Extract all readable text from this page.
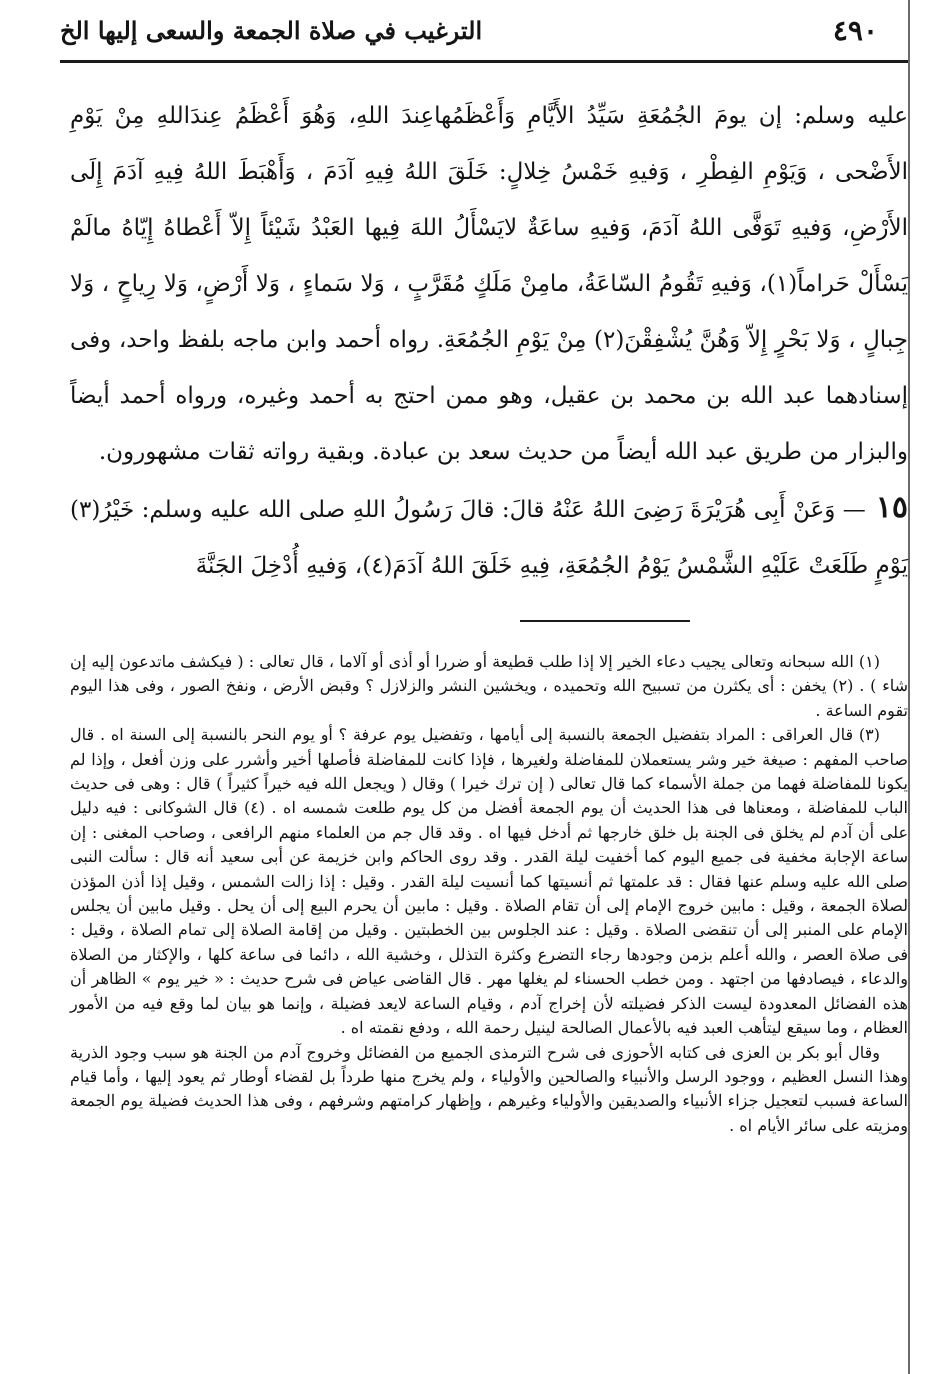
٤٩٠
الترغيب في صلاة الجمعة والسعى إليها الخ

عليه وسلم: إن يومَ الجُمُعَةِ سَيِّدُ الأَيَّامِ وَأَعْظَمُهاعِندَ اللهِ، وَهُوَ أَعْظَمُ عِندَاللهِ مِنْ يَوْمِ الأَضْحى ، وَيَوْمِ الفِطْرِ ، وَفيهِ خَمْسُ خِلالٍ: خَلَقَ اللهُ فِيهِ آدَمَ ، وَأَهْبَطَ اللهُ فِيهِ آدَمَ إِلَى الأَرْضِ، وَفيهِ تَوَفَّى اللهُ آدَمَ، وَفيهِ ساعَةٌ لايَسْأَلُ اللهَ فِيها العَبْدُ شَيْئاً إِلاّ أَعْطاهُ إِيّاهُ مالَمْ يَسْأَلْ حَراماً(١)، وَفيهِ تَقُومُ السّاعَةُ، مامِنْ مَلَكٍ مُقَرَّبٍ ، وَلا سَماءٍ ، وَلا أَرْضٍ، وَلا رِياحٍ ، وَلا جِبالٍ ، وَلا بَحْرٍ إِلاّ وَهُنَّ يُشْفِقْنَ(٢) مِنْ يَوْمِ الجُمُعَةِ. رواه أحمد وابن ماجه بلفظ واحد، وفى إسنادهما عبد الله بن محمد بن عقيل، وهو ممن احتج به أحمد وغيره، ورواه أحمد أيضاً والبزار من طريق عبد الله أيضاً من حديث سعد بن عبادة. وبقية رواته ثقات مشهورون.

١٥— وَعَنْ أَبِى هُرَيْرَةَ رَضِىَ اللهُ عَنْهُ قالَ: قالَ رَسُولُ اللهِ صلى الله عليه وسلم: خَيْرُ(٣) يَوْمٍ طَلَعَتْ عَلَيْهِ الشَّمْسُ يَوْمُ الجُمُعَةِ، فِيهِ خَلَقَ اللهُ آدَمَ(٤)، وَفيهِ أُدْخِلَ الجَنَّةَ

(١) الله سبحانه وتعالى يجيب دعاء الخير إلا إذا طلب قطيعة أو ضررا أو أذى أو آلاما ، قال تعالى : ( فيكشف ماتدعون إليه إن شاء ) . (٢) يخفن : أى يكثرن من تسبيح الله وتحميده ، ويخشين النشر والزلازل ؟ وقبض الأرض ، ونفخ الصور ، وفى هذا اليوم تقوم الساعة .

(٣) قال العراقى : المراد بتفضيل الجمعة بالنسبة إلى أيامها ، وتفضيل يوم عرفة ؟ أو يوم النحر بالنسبة إلى السنة اه . قال صاحب المفهم : صيغة خير وشر يستعملان للمفاضلة ولغيرها ، فإذا كانت للمفاضلة فأصلها أخير وأشرر على وزن أفعل ، وإذا لم يكونا للمفاضلة فهما من جملة الأسماء كما قال تعالى ( إن ترك خيرا ) وقال ( ويجعل الله فيه خيراً كثيراً ) قال : وهى فى حديث الباب للمفاضلة ، ومعناها فى هذا الحديث أن يوم الجمعة أفضل من كل يوم طلعت شمسه اه . (٤) قال الشوكانى : فيه دليل على أن آدم لم يخلق فى الجنة بل خلق خارجها ثم أدخل فيها اه . وقد قال جم من العلماء منهم الرافعى ، وصاحب المغنى : إن ساعة الإجابة مخفية فى جميع اليوم كما أخفيت ليلة القدر . وقد روى الحاكم وابن خزيمة عن أبى سعيد أنه قال : سألت النبى صلى الله عليه وسلم عنها فقال : قد علمتها ثم أنسيتها كما أنسيت ليلة القدر . وقيل : إذا زالت الشمس ، وقيل إذا أذن المؤذن لصلاة الجمعة ، وقيل : مابين خروج الإمام إلى أن تقام الصلاة . وقيل : مابين أن يحرم البيع إلى أن يحل . وقيل مابين أن يجلس الإمام على المنبر إلى أن تنقضى الصلاة . وقيل : عند الجلوس بين الخطبتين . وقيل من إقامة الصلاة إلى تمام الصلاة ، وقيل : فى صلاة العصر ، والله أعلم بزمن وجودها رجاء التضرع وكثرة التذلل ، وخشية الله ، دائما فى ساعة كلها ، والإكثار من الصلاة والدعاء ، فيصادفها من اجتهد . ومن خطب الحسناء لم يغلها مهر . قال القاضى عياض فى شرح حديث : « خير يوم » الظاهر أن هذه الفضائل المعدودة ليست الذكر فضيلته لأن إخراج آدم ، وقيام الساعة لايعد فضيلة ، وإنما هو بيان لما وقع فيه من الأمور العظام ، وما سيقع ليتأهب العبد فيه بالأعمال الصالحة لينيل رحمة الله ، ودفع نقمته اه .

وقال أبو بكر بن العزى فى كتابه الأحوزى فى شرح الترمذى الجميع من الفضائل وخروج آدم من الجنة هو سبب وجود الذرية وهذا النسل العظيم ، ووجود الرسل والأنبياء والصالحين والأولياء ، ولم يخرج منها طرداً بل لقضاء أوطار ثم يعود إليها ، وأما قيام الساعة فسبب لتعجيل جزاء الأنبياء والصديقين والأولياء وغيرهم ، وإظهار كرامتهم وشرفهم ، وفى هذا الحديث فضيلة يوم الجمعة ومزيته على سائر الأيام اه .
